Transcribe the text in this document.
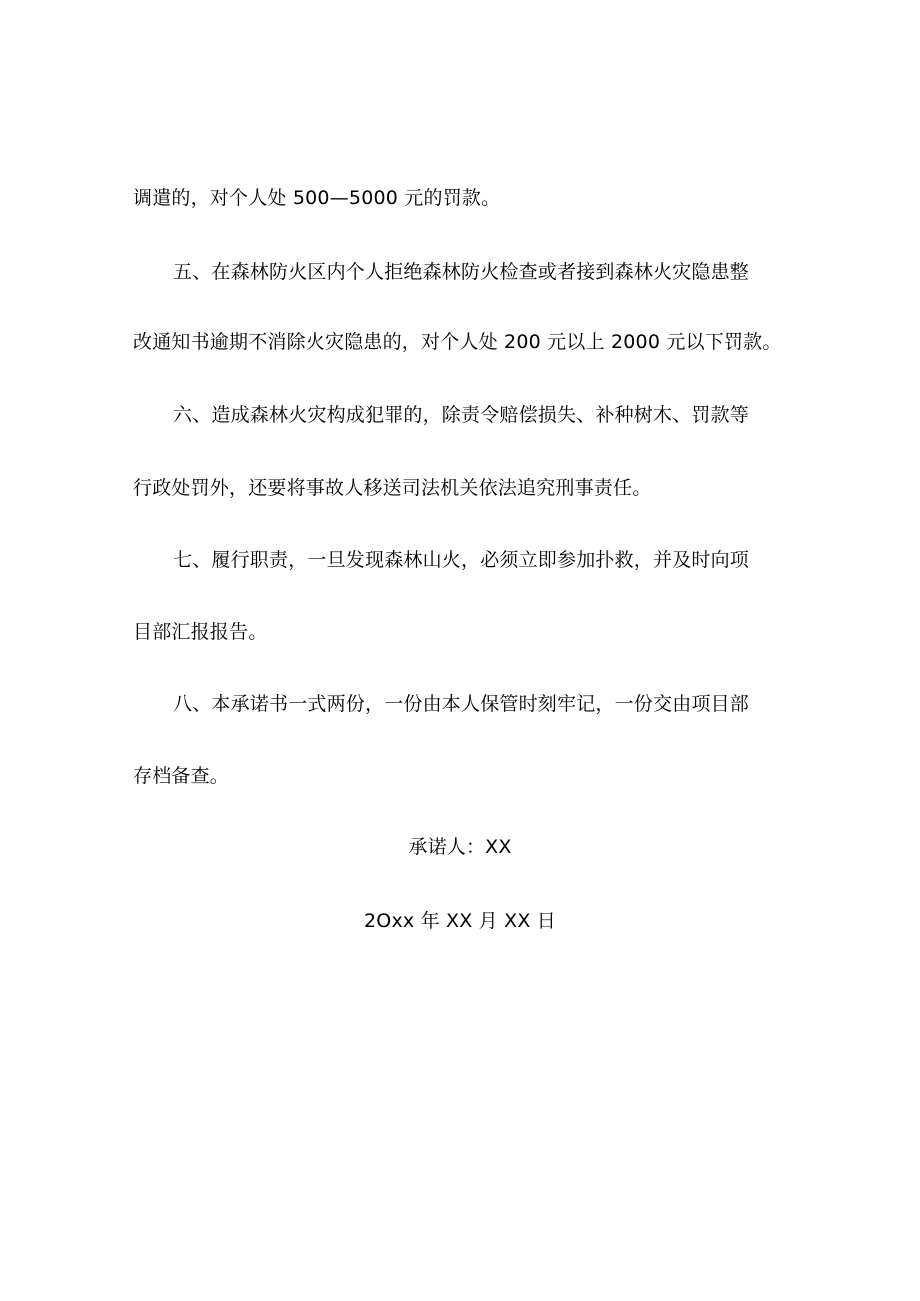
调遣的，对个人处 500—5000 元的罚款。
五、在森林防火区内个人拒绝森林防火检查或者接到森林火灾隐患整
改通知书逾期不消除火灾隐患的，对个人处 200 元以上 2000 元以下罚款。
六、造成森林火灾构成犯罪的，除责令赔偿损失、补种树木、罚款等
行政处罚外，还要将事故人移送司法机关依法追究刑事责任。
七、履行职责，一旦发现森林山火，必须立即参加扑救，并及时向项
目部汇报报告。
八、本承诺书一式两份，一份由本人保管时刻牢记，一份交由项目部
存档备查。
承诺人：XX
2Oxx 年 XX 月 XX 日
